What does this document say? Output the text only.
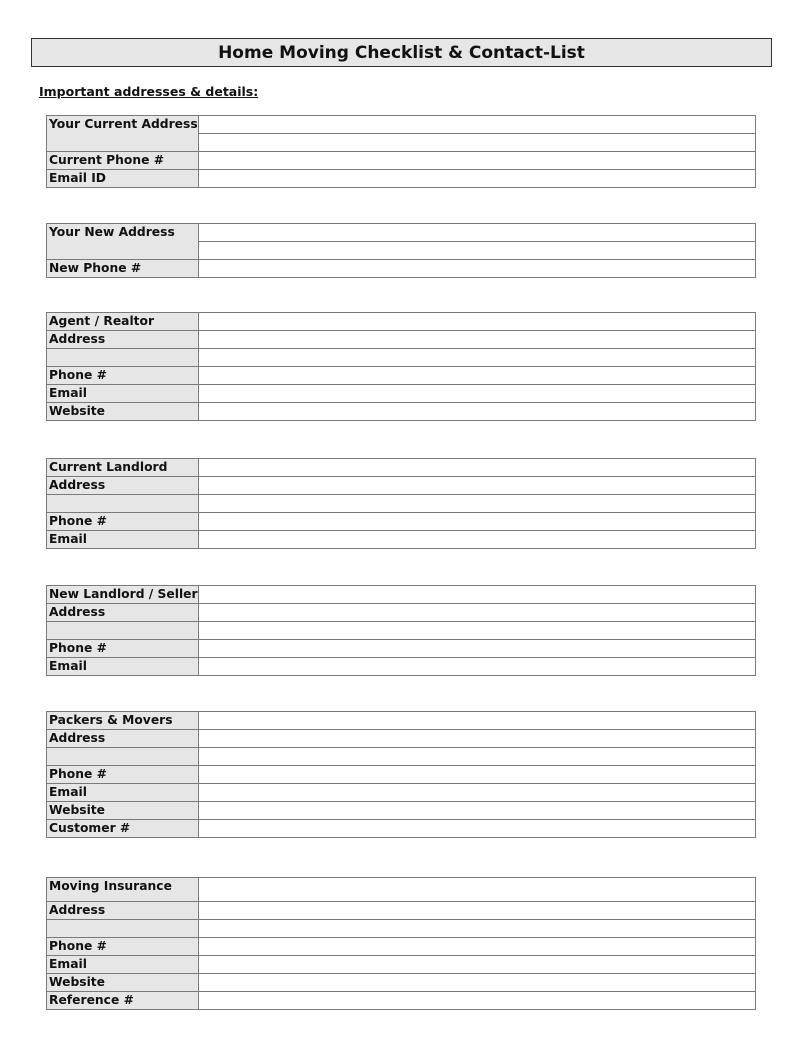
Home Moving Checklist & Contact-List
Important addresses & details:
Your Current Address	

Current Phone #	
Email ID	
Your New Address	

New Phone #	
Agent / Realtor	
Address	

Phone #	
Email	
Website	
Current Landlord	
Address	

Phone #	
Email	
New Landlord / Seller	
Address	

Phone #	
Email	
Packers & Movers	
Address	

Phone #	
Email	
Website	
Customer #	
Moving Insurance	
Address	

Phone #	
Email	
Website	
Reference #	
